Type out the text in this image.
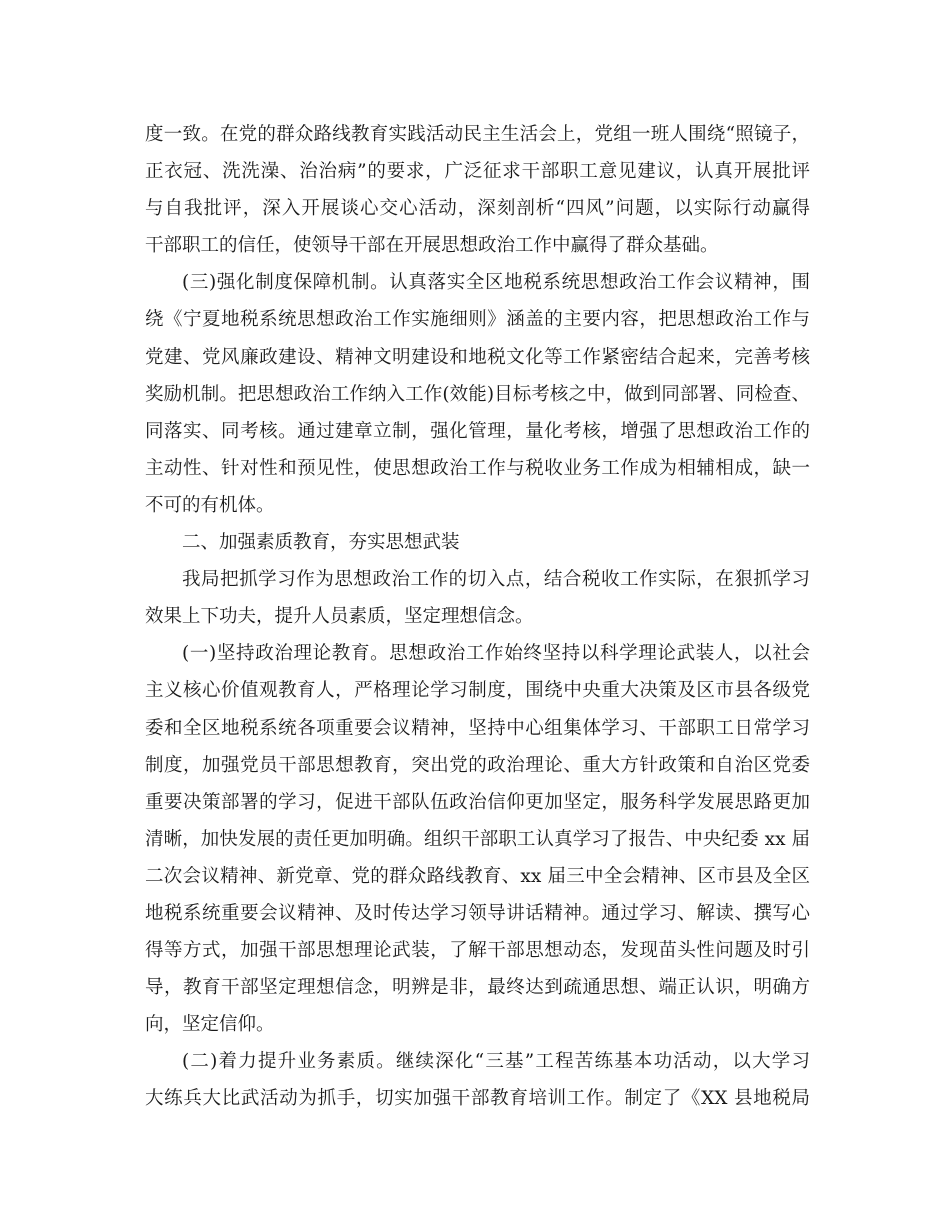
度一致。在党的群众路线教育实践活动民主生活会上，党组一班人围绕“照镜子，
正衣冠、洗洗澡、治治病”的要求，广泛征求干部职工意见建议，认真开展批评
与自我批评，深入开展谈心交心活动，深刻剖析“四风”问题，以实际行动赢得
干部职工的信任，使领导干部在开展思想政治工作中赢得了群众基础。
(三)强化制度保障机制。认真落实全区地税系统思想政治工作会议精神，围
绕《宁夏地税系统思想政治工作实施细则》涵盖的主要内容，把思想政治工作与
党建、党风廉政建设、精神文明建设和地税文化等工作紧密结合起来，完善考核
奖励机制。把思想政治工作纳入工作(效能)目标考核之中，做到同部署、同检查、
同落实、同考核。通过建章立制，强化管理，量化考核，增强了思想政治工作的
主动性、针对性和预见性，使思想政治工作与税收业务工作成为相辅相成，缺一
不可的有机体。
二、加强素质教育，夯实思想武装
我局把抓学习作为思想政治工作的切入点，结合税收工作实际，在狠抓学习
效果上下功夫，提升人员素质，坚定理想信念。
(一)坚持政治理论教育。思想政治工作始终坚持以科学理论武装人，以社会
主义核心价值观教育人，严格理论学习制度，围绕中央重大决策及区市县各级党
委和全区地税系统各项重要会议精神，坚持中心组集体学习、干部职工日常学习
制度，加强党员干部思想教育，突出党的政治理论、重大方针政策和自治区党委
重要决策部署的学习，促进干部队伍政治信仰更加坚定，服务科学发展思路更加
清晰，加快发展的责任更加明确。组织干部职工认真学习了报告、中央纪委 xx 届
二次会议精神、新党章、党的群众路线教育、xx 届三中全会精神、区市县及全区
地税系统重要会议精神、及时传达学习领导讲话精神。通过学习、解读、撰写心
得等方式，加强干部思想理论武装，了解干部思想动态，发现苗头性问题及时引
导，教育干部坚定理想信念，明辨是非，最终达到疏通思想、端正认识，明确方
向，坚定信仰。
(二)着力提升业务素质。继续深化“三基”工程苦练基本功活动，以大学习
大练兵大比武活动为抓手，切实加强干部教育培训工作。制定了《XX 县地税局
